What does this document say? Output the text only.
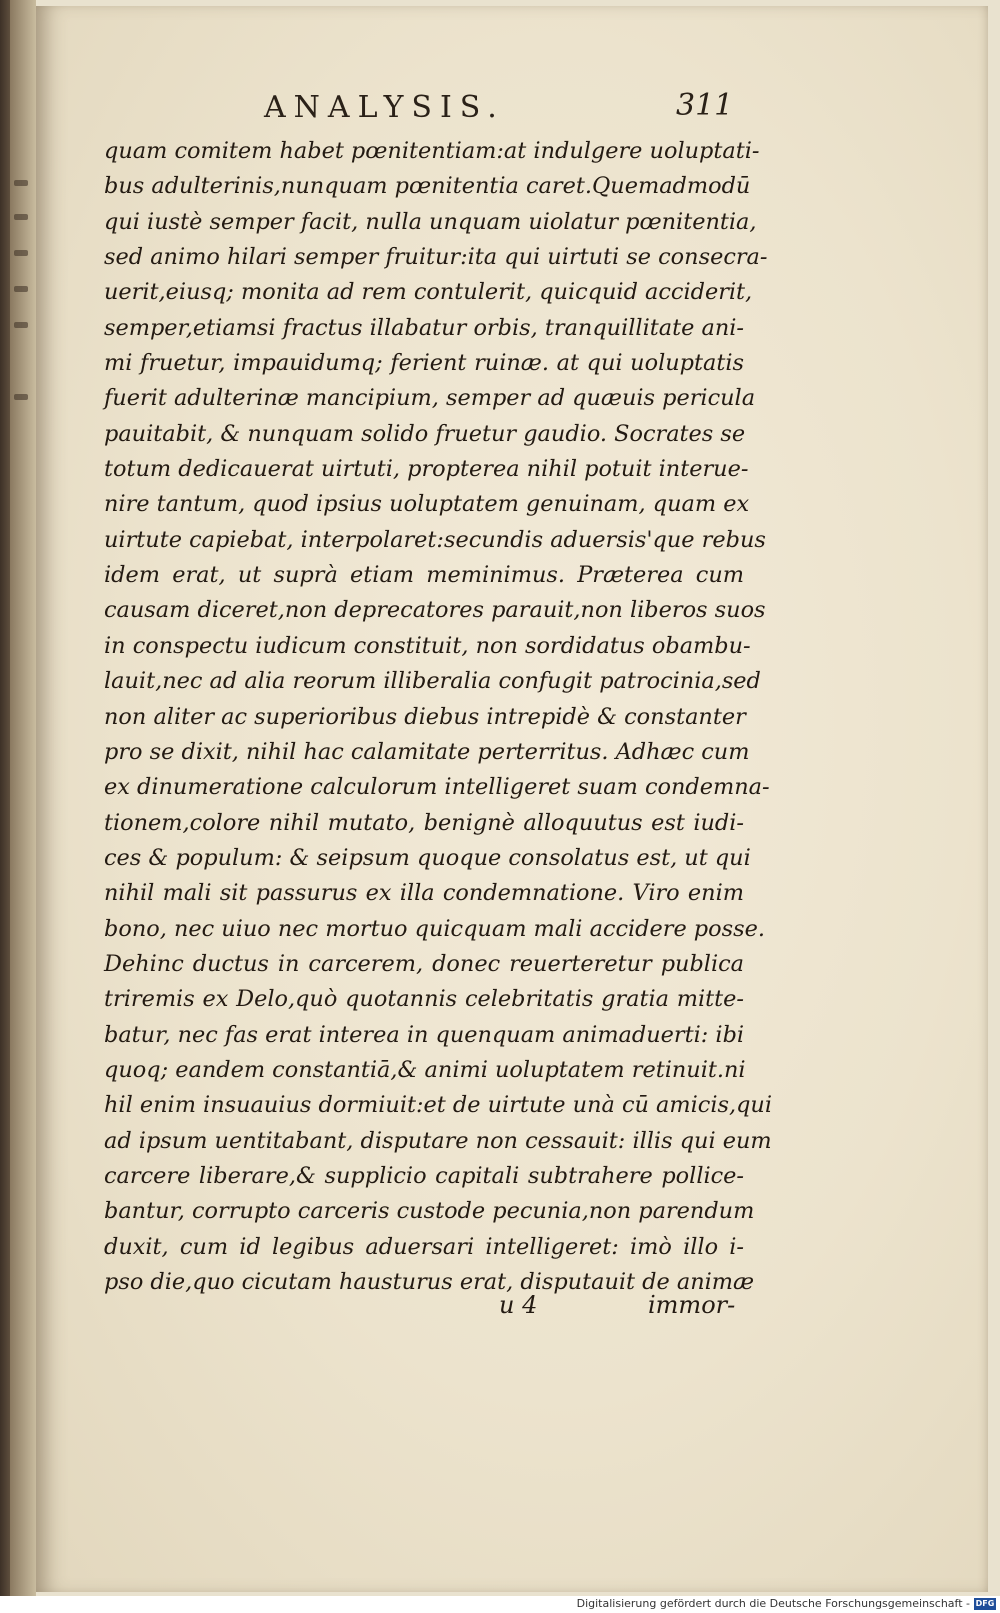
ANALYSIS.	311
quam comitem habet pœnitentiam:at indulgere uoluptati-
bus adulterinis,nunquam pœnitentia caret.Quemadmodū
qui iustè semper facit, nulla unquam uiolatur pœnitentia,
sed animo hilari semper fruitur:ita qui uirtuti se consecra-
uerit,eiusq; monita ad rem contulerit, quicquid acciderit,
semper,etiamsi fractus illabatur orbis, tranquillitate ani-
mi fruetur, impauidumq; ferient ruinæ. at qui uoluptatis
fuerit adulterinæ mancipium, semper ad quæuis pericula
pauitabit, & nunquam solido fruetur gaudio. Socrates se
totum dedicauerat uirtuti, propterea nihil potuit interue-
nire tantum, quod ipsius uoluptatem genuinam, quam ex
uirtute capiebat, interpolaret:secundis aduersis'que rebus
idem erat, ut suprà etiam meminimus. Præterea cum
causam diceret,non deprecatores parauit,non liberos suos
in conspectu iudicum constituit, non sordidatus obambu-
lauit,nec ad alia reorum illiberalia confugit patrocinia,sed
non aliter ac superioribus diebus intrepidè & constanter
pro se dixit, nihil hac calamitate perterritus. Adhæc cum
ex dinumeratione calculorum intelligeret suam condemna-
tionem,colore nihil mutato, benignè alloquutus est iudi-
ces & populum: & seipsum quoque consolatus est, ut qui
nihil mali sit passurus ex illa condemnatione. Viro enim
bono, nec uiuo nec mortuo quicquam mali accidere posse.
Dehinc ductus in carcerem, donec reuerteretur publica
triremis ex Delo,quò quotannis celebritatis gratia mitte-
batur, nec fas erat interea in quenquam animaduerti: ibi
quoq; eandem constantiā,& animi uoluptatem retinuit.ni
hil enim insuauius dormiuit:et de uirtute unà cū amicis,qui
ad ipsum uentitabant, disputare non cessauit: illis qui eum
carcere liberare,& supplicio capitali subtrahere pollice-
bantur, corrupto carceris custode pecunia,non parendum
duxit, cum id legibus aduersari intelligeret: imò illo i-
pso die,quo cicutam hausturus erat, disputauit de animæ
u 4	immor-
Digitalisierung gefördert durch die Deutsche Forschungsgemeinschaft - DFG
